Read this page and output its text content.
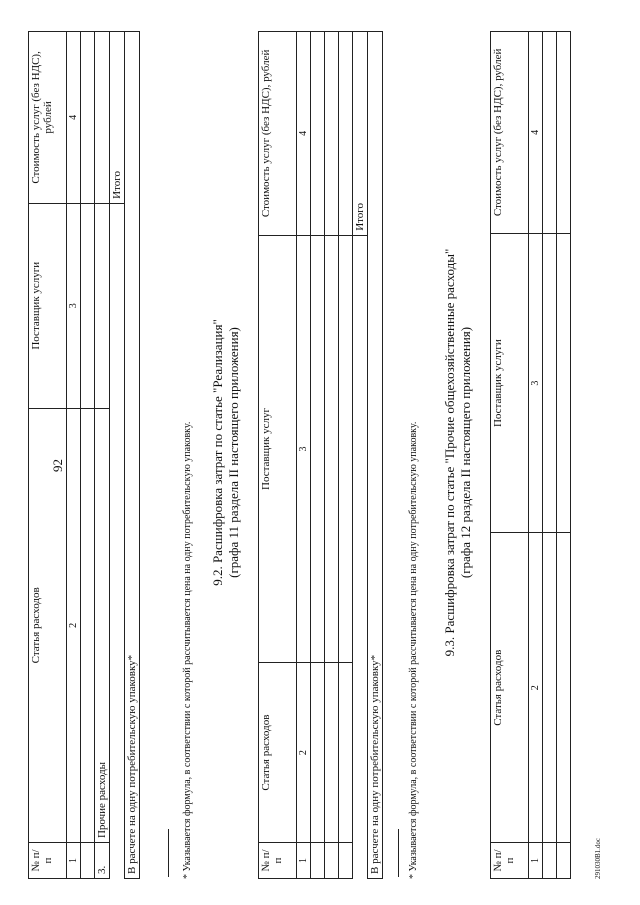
92
№ п/п	Статья расходов	Поставщик услуги	Стоимость услуг (без НДС), рублей
1	2	3	4

3.	Прочие расходы		
			Итого
В расчете на одну потребительскую упаковку*				* Указывается формула, в соответствии с которой рассчитывается цена на одну потребительскую упаковку. 9.2. Расшифровка затрат по статье "Реализация" (графа 11 раздела II настоящего приложения)
№ п/п	Статья расходов	Поставщик услуг	Стоимость услуг (без НДС), рублей
1	2	3	4

			Итого
В расчете на одну потребительскую упаковку*				* Указывается формула, в соответствии с которой рассчитывается цена на одну потребительскую упаковку. 9.3. Расшифровка затрат по статье "Прочие общехозяйственные расходы" (графа 12 раздела II настоящего приложения)
№ п/п	Статья расходов	Поставщик услуги	Стоимость услуг (без НДС), рублей
1	2	3	4

291030В1.doc
